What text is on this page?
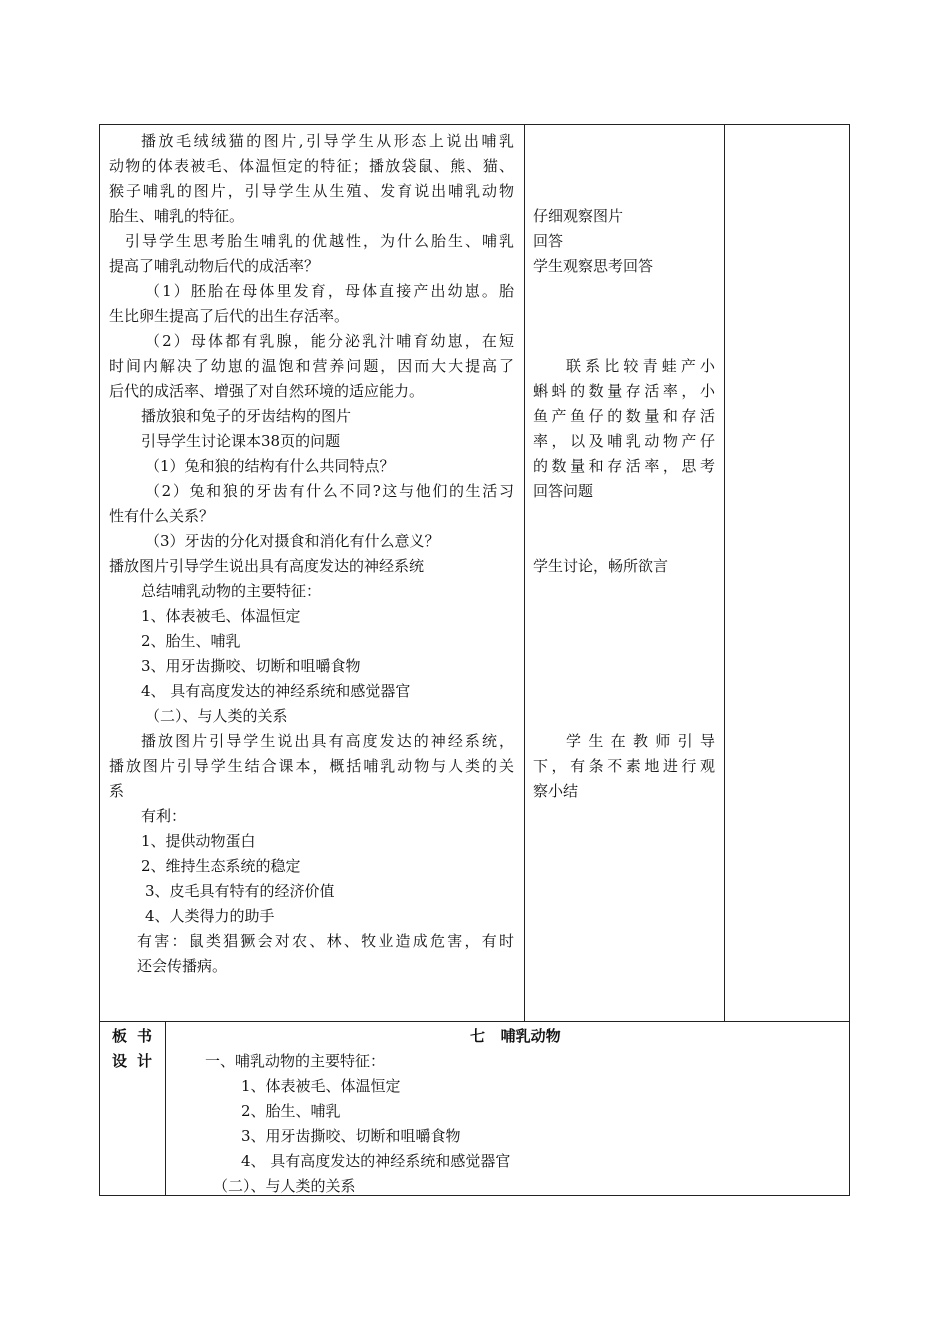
播放毛绒绒猫的图片,引导学生从形态上说出哺乳
动物的体表被毛、体温恒定的特征；播放袋鼠、熊、猫、
猴子哺乳的图片，引导学生从生殖、发育说出哺乳动物
胎生、哺乳的特征。
引导学生思考胎生哺乳的优越性，为什么胎生、哺乳
提高了哺乳动物后代的成活率？
（1）胚胎在母体里发育，母体直接产出幼崽。胎
生比卵生提高了后代的出生存活率。
（2）母体都有乳腺，能分泌乳汁哺育幼崽，在短
时间内解决了幼崽的温饱和营养问题，因而大大提高了
后代的成活率、增强了对自然环境的适应能力。
播放狼和兔子的牙齿结构的图片
引导学生讨论课本38页的问题
（1）兔和狼的结构有什么共同特点？
（2）兔和狼的牙齿有什么不同?这与他们的生活习
性有什么关系？
（3）牙齿的分化对摄食和消化有什么意义？
播放图片引导学生说出具有高度发达的神经系统
总结哺乳动物的主要特征：
1、体表被毛、体温恒定
2、胎生、哺乳
3、用牙齿撕咬、切断和咀嚼食物
4、 具有高度发达的神经系统和感觉器官
（二）、与人类的关系
播放图片引导学生说出具有高度发达的神经系统，
播放图片引导学生结合课本，概括哺乳动物与人类的关
系
有利：
1、提供动物蛋白
2、维持生态系统的稳定
3、皮毛具有特有的经济价值
4、人类得力的助手
有害：鼠类猖獗会对农、林、牧业造成危害，有时
还会传播病。
仔细观察图片
回答
学生观察思考回答
联系比较青蛙产小
蝌蚪的数量存活率，小
鱼产鱼仔的数量和存活
率，以及哺乳动物产仔
的数量和存活率，思考
回答问题
学生讨论，畅所欲言
学生在教师引导
下，有条不素地进行观
察小结
板书
设计
七   哺乳动物
一、哺乳动物的主要特征：
1、体表被毛、体温恒定
2、胎生、哺乳
3、用牙齿撕咬、切断和咀嚼食物
4、 具有高度发达的神经系统和感觉器官
（二）、与人类的关系
